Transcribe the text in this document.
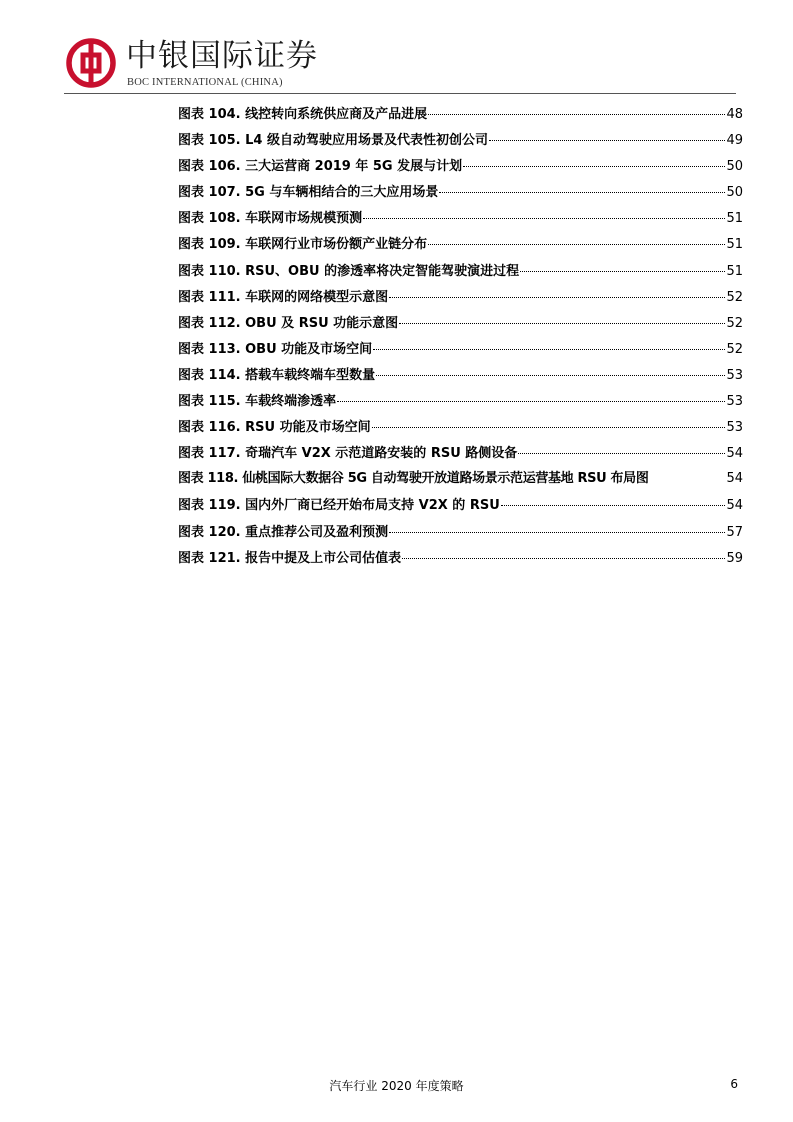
中银国际证券
BOC INTERNATIONAL (CHINA)
图表 104. 线控转向系统供应商及产品进展	48
图表 105. L4 级自动驾驶应用场景及代表性初创公司	49
图表 106. 三大运营商 2019 年 5G 发展与计划	50
图表 107. 5G 与车辆相结合的三大应用场景	50
图表 108. 车联网市场规模预测	51
图表 109. 车联网行业市场份额产业链分布	51
图表 110. RSU、OBU 的渗透率将决定智能驾驶演进过程	51
图表 111. 车联网的网络模型示意图	52
图表 112. OBU 及 RSU 功能示意图	52
图表 113. OBU 功能及市场空间	52
图表 114. 搭载车载终端车型数量	53
图表 115. 车载终端渗透率	53
图表 116. RSU 功能及市场空间	53
图表 117. 奇瑞汽车 V2X 示范道路安装的 RSU 路侧设备	54
图表 118. 仙桃国际大数据谷 5G 自动驾驶开放道路场景示范运营基地 RSU 布局图	54
图表 119. 国内外厂商已经开始布局支持 V2X 的 RSU	54
图表 120. 重点推荐公司及盈利预测	57
图表 121. 报告中提及上市公司估值表	59
汽车行业 2020 年度策略	6
